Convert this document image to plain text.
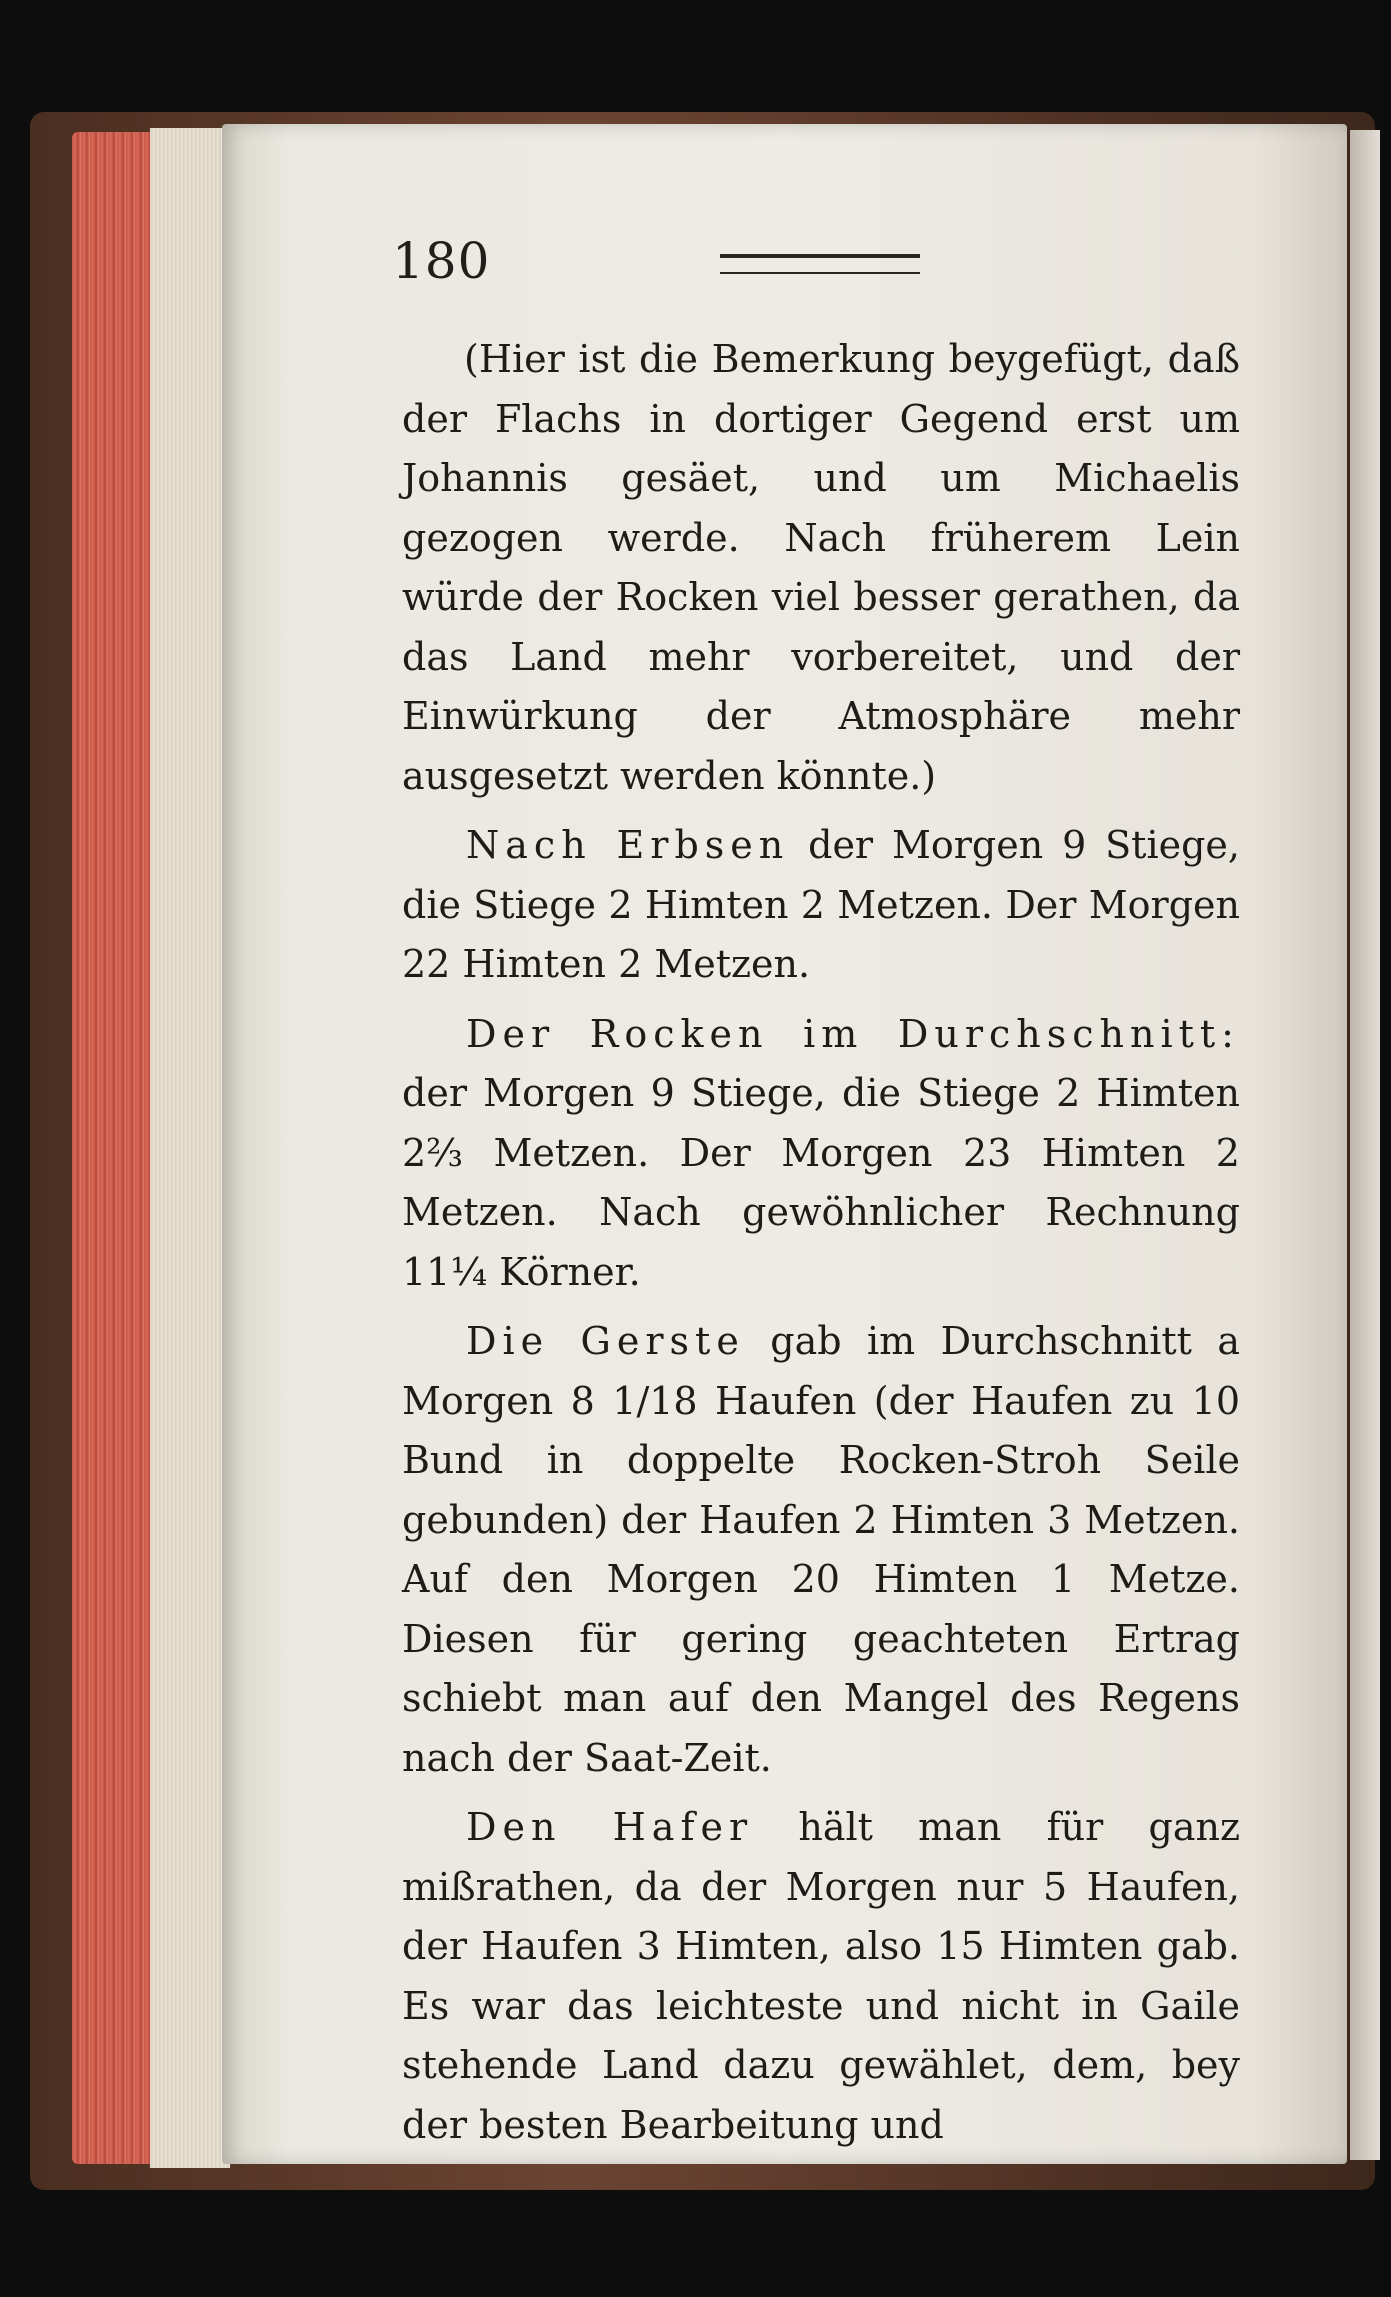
180

(Hier ist die Bemerkung beygefügt, daß der Flachs in dortiger Gegend erst um Johannis gesäet, und um Michaelis gezogen werde. Nach früherem Lein würde der Rocken viel besser gerathen, da das Land mehr vorbereitet, und der Einwürkung der Atmosphäre mehr ausgesetzt werden könnte.)

Nach Erbsen der Morgen 9 Stiege, die Stiege 2 Himten 2 Metzen. Der Morgen 22 Himten 2 Metzen.

Der Rocken im Durchschnitt: der Morgen 9 Stiege, die Stiege 2 Himten 2⅔ Metzen. Der Morgen 23 Himten 2 Metzen. Nach gewöhnlicher Rechnung 11¼ Körner.

Die Gerste gab im Durchschnitt a Morgen 8 1/18 Haufen (der Haufen zu 10 Bund in doppelte Rocken-Stroh Seile gebunden) der Haufen 2 Himten 3 Metzen. Auf den Morgen 20 Himten 1 Metze. Diesen für gering geachteten Ertrag schiebt man auf den Mangel des Regens nach der Saat-Zeit.

Den Hafer hält man für ganz mißrathen, da der Morgen nur 5 Haufen, der Haufen 3 Himten, also 15 Himten gab. Es war das leichteste und nicht in Gaile stehende Land dazu gewählet, dem, bey der besten Bearbeitung und
